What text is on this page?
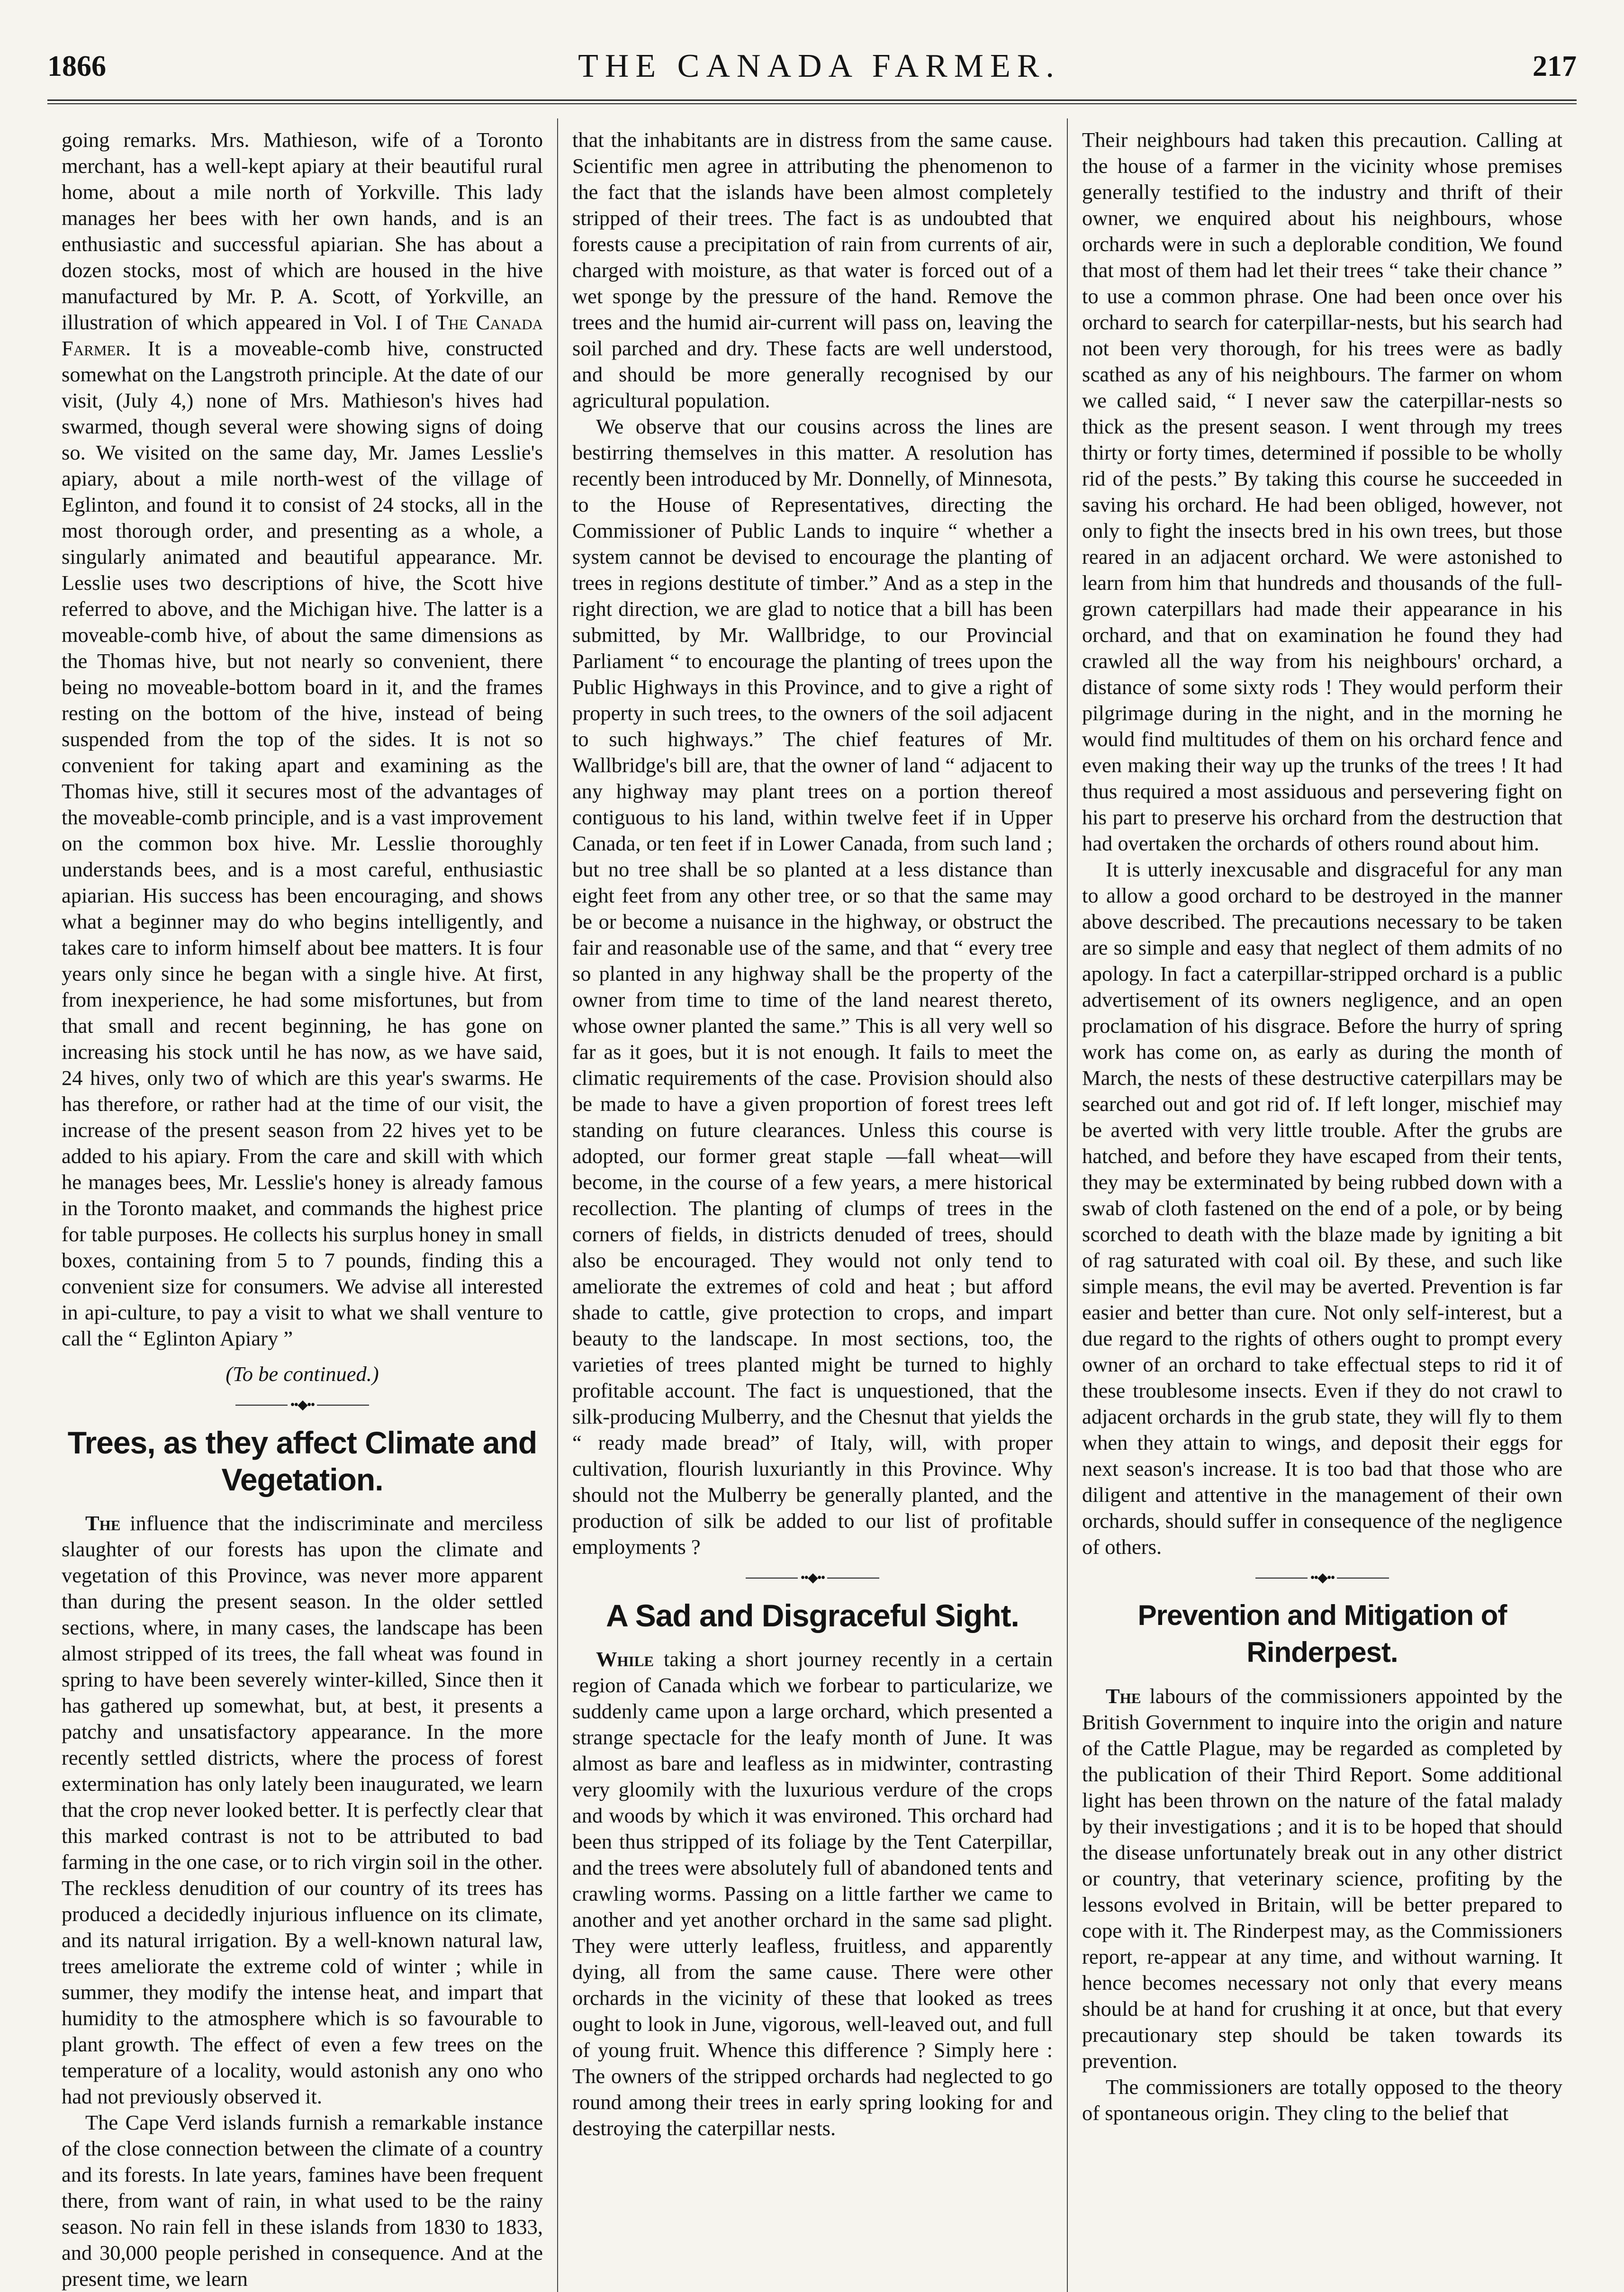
1866	THE CANADA FARMER.	217

going remarks. Mrs. Mathieson, wife of a Toronto merchant, has a well-kept apiary at their beautiful rural home, about a mile north of Yorkville. This lady manages her bees with her own hands, and is an enthusiastic and successful apiarian. She has about a dozen stocks, most of which are housed in the hive manufactured by Mr. P. A. Scott, of Yorkville, an illustration of which appeared in Vol. I of The Canada Farmer. It is a moveable-comb hive, constructed somewhat on the Langstroth principle. At the date of our visit, (July 4,) none of Mrs. Mathieson's hives had swarmed, though several were showing signs of doing so. We visited on the same day, Mr. James Lesslie's apiary, about a mile north-west of the village of Eglinton, and found it to consist of 24 stocks, all in the most thorough order, and presenting as a whole, a singularly animated and beautiful appearance. Mr. Lesslie uses two descriptions of hive, the Scott hive referred to above, and the Michigan hive. The latter is a moveable-comb hive, of about the same dimensions as the Thomas hive, but not nearly so convenient, there being no moveable-bottom board in it, and the frames resting on the bottom of the hive, instead of being suspended from the top of the sides. It is not so convenient for taking apart and examining as the Thomas hive, still it secures most of the advantages of the moveable-comb principle, and is a vast improvement on the common box hive. Mr. Lesslie thoroughly understands bees, and is a most careful, enthusiastic apiarian. His success has been encouraging, and shows what a beginner may do who begins intelligently, and takes care to inform himself about bee matters. It is four years only since he began with a single hive. At first, from inexperience, he had some misfortunes, but from that small and recent beginning, he has gone on increasing his stock until he has now, as we have said, 24 hives, only two of which are this year's swarms. He has therefore, or rather had at the time of our visit, the increase of the present season from 22 hives yet to be added to his apiary. From the care and skill with which he manages bees, Mr. Lesslie's honey is already famous in the Toronto maaket, and commands the highest price for table purposes. He collects his surplus honey in small boxes, containing from 5 to 7 pounds, finding this a convenient size for consumers. We advise all interested in api-culture, to pay a visit to what we shall venture to call the “ Eglinton Apiary ”

(To be continued.)

••◆••
Trees, as they affect Climate and Vegetation.

The influence that the indiscriminate and merciless slaughter of our forests has upon the climate and vegetation of this Province, was never more apparent than during the present season. In the older settled sections, where, in many cases, the landscape has been almost stripped of its trees, the fall wheat was found in spring to have been severely winter-killed, Since then it has gathered up somewhat, but, at best, it presents a patchy and unsatisfactory appearance. In the more recently settled districts, where the process of forest extermination has only lately been inaugurated, we learn that the crop never looked better. It is perfectly clear that this marked contrast is not to be attributed to bad farming in the one case, or to rich virgin soil in the other. The reckless denudition of our country of its trees has produced a decidedly injurious influence on its climate, and its natural irrigation. By a well-known natural law, trees ameliorate the extreme cold of winter ; while in summer, they modify the intense heat, and impart that humidity to the atmosphere which is so favourable to plant growth. The effect of even a few trees on the temperature of a locality, would astonish any ono who had not previously observed it.

The Cape Verd islands furnish a remarkable instance of the close connection between the climate of a country and its forests. In late years, famines have been frequent there, from want of rain, in what used to be the rainy season. No rain fell in these islands from 1830 to 1833, and 30,000 people perished in consequence. And at the present time, we learn

that the inhabitants are in distress from the same cause. Scientific men agree in attributing the phenomenon to the fact that the islands have been almost completely stripped of their trees. The fact is as undoubted that forests cause a precipitation of rain from currents of air, charged with moisture, as that water is forced out of a wet sponge by the pressure of the hand. Remove the trees and the humid air-current will pass on, leaving the soil parched and dry. These facts are well understood, and should be more generally recognised by our agricultural population.

We observe that our cousins across the lines are bestirring themselves in this matter. A resolution has recently been introduced by Mr. Donnelly, of Minnesota, to the House of Representatives, directing the Commissioner of Public Lands to inquire “ whether a system cannot be devised to encourage the planting of trees in regions destitute of timber.” And as a step in the right direction, we are glad to notice that a bill has been submitted, by Mr. Wallbridge, to our Provincial Parliament “ to encourage the planting of trees upon the Public Highways in this Province, and to give a right of property in such trees, to the owners of the soil adjacent to such highways.” The chief features of Mr. Wallbridge's bill are, that the owner of land “ adjacent to any highway may plant trees on a portion thereof contiguous to his land, within twelve feet if in Upper Canada, or ten feet if in Lower Canada, from such land ; but no tree shall be so planted at a less distance than eight feet from any other tree, or so that the same may be or become a nuisance in the highway, or obstruct the fair and reasonable use of the same, and that “ every tree so planted in any highway shall be the property of the owner from time to time of the land nearest thereto, whose owner planted the same.” This is all very well so far as it goes, but it is not enough. It fails to meet the climatic requirements of the case. Provision should also be made to have a given proportion of forest trees left standing on future clearances. Unless this course is adopted, our former great staple —fall wheat—will become, in the course of a few years, a mere historical recollection. The planting of clumps of trees in the corners of fields, in districts denuded of trees, should also be encouraged. They would not only tend to ameliorate the extremes of cold and heat ; but afford shade to cattle, give protection to crops, and impart beauty to the landscape. In most sections, too, the varieties of trees planted might be turned to highly profitable account. The fact is unquestioned, that the silk-producing Mulberry, and the Chesnut that yields the “ ready made bread” of Italy, will, with proper cultivation, flourish luxuriantly in this Province. Why should not the Mulberry be generally planted, and the production of silk be added to our list of profitable employments ?

••◆••
A Sad and Disgraceful Sight.

While taking a short journey recently in a certain region of Canada which we forbear to particularize, we suddenly came upon a large orchard, which presented a strange spectacle for the leafy month of June. It was almost as bare and leafless as in midwinter, contrasting very gloomily with the luxurious verdure of the crops and woods by which it was environed. This orchard had been thus stripped of its foliage by the Tent Caterpillar, and the trees were absolutely full of abandoned tents and crawling worms. Passing on a little farther we came to another and yet another orchard in the same sad plight. They were utterly leafless, fruitless, and apparently dying, all from the same cause. There were other orchards in the vicinity of these that looked as trees ought to look in June, vigorous, well-leaved out, and full of young fruit. Whence this difference ? Simply here : The owners of the stripped orchards had neglected to go round among their trees in early spring looking for and destroying the caterpillar nests.

Their neighbours had taken this precaution. Calling at the house of a farmer in the vicinity whose premises generally testified to the industry and thrift of their owner, we enquired about his neighbours, whose orchards were in such a deplorable condition, We found that most of them had let their trees “ take their chance ” to use a common phrase. One had been once over his orchard to search for caterpillar-nests, but his search had not been very thorough, for his trees were as badly scathed as any of his neighbours. The farmer on whom we called said, “ I never saw the caterpillar-nests so thick as the present season. I went through my trees thirty or forty times, determined if possible to be wholly rid of the pests.” By taking this course he succeeded in saving his orchard. He had been obliged, however, not only to fight the insects bred in his own trees, but those reared in an adjacent orchard. We were astonished to learn from him that hundreds and thousands of the full-grown caterpillars had made their appearance in his orchard, and that on examination he found they had crawled all the way from his neighbours' orchard, a distance of some sixty rods ! They would perform their pilgrimage during in the night, and in the morning he would find multitudes of them on his orchard fence and even making their way up the trunks of the trees ! It had thus required a most assiduous and persevering fight on his part to preserve his orchard from the destruction that had overtaken the orchards of others round about him.

It is utterly inexcusable and disgraceful for any man to allow a good orchard to be destroyed in the manner above described. The precautions necessary to be taken are so simple and easy that neglect of them admits of no apology. In fact a caterpillar-stripped orchard is a public advertisement of its owners negligence, and an open proclamation of his disgrace. Before the hurry of spring work has come on, as early as during the month of March, the nests of these destructive caterpillars may be searched out and got rid of. If left longer, mischief may be averted with very little trouble. After the grubs are hatched, and before they have escaped from their tents, they may be exterminated by being rubbed down with a swab of cloth fastened on the end of a pole, or by being scorched to death with the blaze made by igniting a bit of rag saturated with coal oil. By these, and such like simple means, the evil may be averted. Prevention is far easier and better than cure. Not only self-interest, but a due regard to the rights of others ought to prompt every owner of an orchard to take effectual steps to rid it of these troublesome insects. Even if they do not crawl to adjacent orchards in the grub state, they will fly to them when they attain to wings, and deposit their eggs for next season's increase. It is too bad that those who are diligent and attentive in the management of their own orchards, should suffer in consequence of the negligence of others.

••◆••
Prevention and Mitigation of Rinderpest.

The labours of the commissioners appointed by the British Government to inquire into the origin and nature of the Cattle Plague, may be regarded as completed by the publication of their Third Report. Some additional light has been thrown on the nature of the fatal malady by their investigations ; and it is to be hoped that should the disease unfortunately break out in any other district or country, that veterinary science, profiting by the lessons evolved in Britain, will be better prepared to cope with it. The Rinderpest may, as the Commissioners report, re-appear at any time, and without warning. It hence becomes necessary not only that every means should be at hand for crushing it at once, but that every precautionary step should be taken towards its prevention.

The commissioners are totally opposed to the theory of spontaneous origin. They cling to the belief that
